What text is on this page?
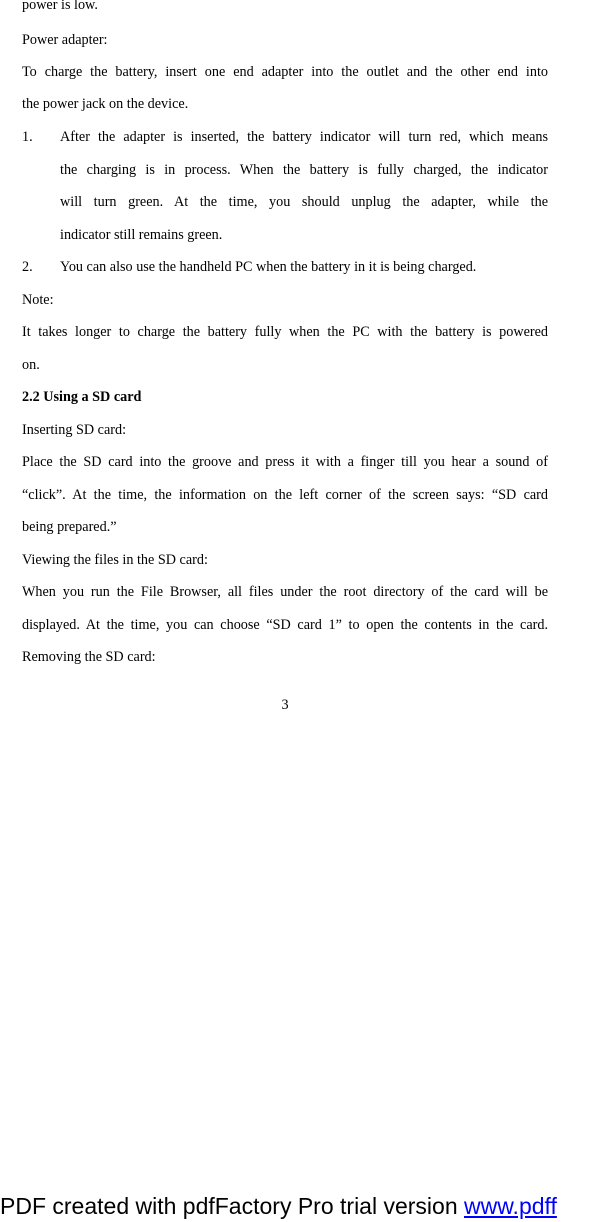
power is low.
Power adapter:
To charge the battery, insert one end adapter into the outlet and the other end into
the power jack on the device.
1. After the adapter is inserted, the battery indicator will turn red, which means
the charging is in process. When the battery is fully charged, the indicator
will turn green. At the time, you should unplug the adapter, while the
indicator still remains green.
2. You can also use the handheld PC when the battery in it is being charged.
Note:
It takes longer to charge the battery fully when the PC with the battery is powered
on.
2.2 Using a SD card
Inserting SD card:
Place the SD card into the groove and press it with a finger till you hear a sound of
“click”. At the time, the information on the left corner of the screen says: “SD card
being prepared.”
Viewing the files in the SD card:
When you run the File Browser, all files under the root directory of the card will be
displayed. At the time, you can choose “SD card 1” to open the contents in the card.
Removing the SD card:
3
PDF created with pdfFactory Pro trial version www.pdff
